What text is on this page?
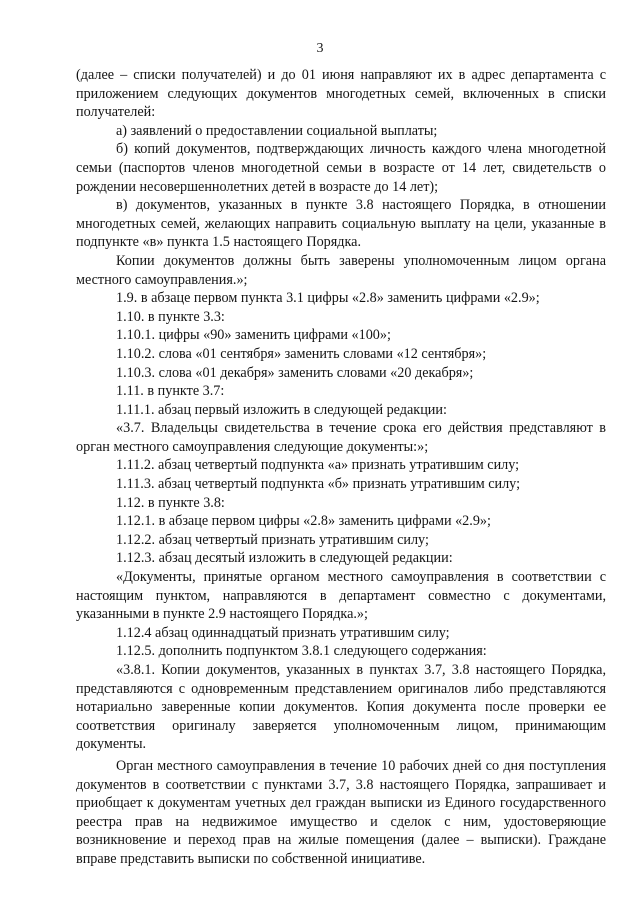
3

(далее – списки получателей) и до 01 июня направляют их в адрес департамента с приложением следующих документов многодетных семей, включенных в списки получателей:

а) заявлений о предоставлении социальной выплаты;

б) копий документов, подтверждающих личность каждого члена многодетной семьи (паспортов членов многодетной семьи в возрасте от 14 лет, свидетельств о рождении несовершеннолетних детей в возрасте до 14 лет);

в) документов, указанных в пункте 3.8 настоящего Порядка, в отношении многодетных семей, желающих направить социальную выплату на цели, указанные в подпункте «в» пункта 1.5 настоящего Порядка.

Копии документов должны быть заверены уполномоченным лицом органа местного самоуправления.»;

1.9. в абзаце первом пункта 3.1 цифры «2.8» заменить цифрами «2.9»;

1.10. в пункте 3.3:

1.10.1. цифры «90» заменить цифрами «100»;

1.10.2. слова «01 сентября» заменить словами «12 сентября»;

1.10.3. слова «01 декабря» заменить словами «20 декабря»;

1.11. в пункте 3.7:

1.11.1. абзац первый изложить в следующей редакции:

«3.7. Владельцы свидетельства в течение срока его действия представляют в орган местного самоуправления следующие документы:»;

1.11.2. абзац четвертый подпункта «а» признать утратившим силу;

1.11.3. абзац четвертый подпункта «б» признать утратившим силу;

1.12. в пункте 3.8:

1.12.1. в абзаце первом цифры «2.8» заменить цифрами «2.9»;

1.12.2. абзац четвертый признать утратившим силу;

1.12.3. абзац десятый изложить в следующей редакции:

«Документы, принятые органом местного самоуправления в соответствии с настоящим пунктом, направляются в департамент совместно с документами, указанными в пункте 2.9 настоящего Порядка.»;

1.12.4 абзац одиннадцатый признать утратившим силу;

1.12.5. дополнить подпунктом 3.8.1 следующего содержания:

«3.8.1. Копии документов, указанных в пунктах 3.7, 3.8 настоящего Порядка, представляются с одновременным представлением оригиналов либо представляются нотариально заверенные копии документов. Копия документа после проверки ее соответствия оригиналу заверяется уполномоченным лицом, принимающим документы.

Орган местного самоуправления в течение 10 рабочих дней со дня поступления документов в соответствии с пунктами 3.7, 3.8 настоящего Порядка, запрашивает и приобщает к документам учетных дел граждан выписки из Единого государственного реестра прав на недвижимое имущество и сделок с ним, удостоверяющие возникновение и переход прав на жилые помещения (далее – выписки). Граждане вправе представить выписки по собственной инициативе.
